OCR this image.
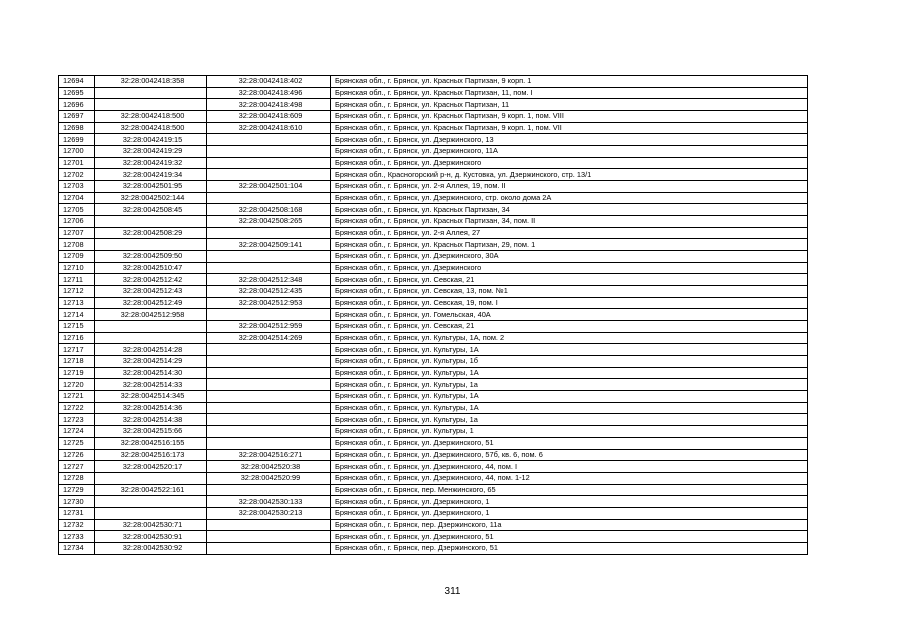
12694	32:28:0042418:358	32:28:0042418:402	Брянская обл., г. Брянск, ул. Красных Партизан, 9 корп. 1
12695		32:28:0042418:496	Брянская обл., г. Брянск, ул. Красных Партизан, 11, пом. I
12696		32:28:0042418:498	Брянская обл., г. Брянск, ул. Красных Партизан, 11
12697	32:28:0042418:500	32:28:0042418:609	Брянская обл., г. Брянск, ул. Красных Партизан, 9 корп. 1, пом. VIII
12698	32:28:0042418:500	32:28:0042418:610	Брянская обл., г. Брянск, ул. Красных Партизан, 9 корп. 1, пом. VII
12699	32:28:0042419:15		Брянская обл., г. Брянск, ул. Дзержинского, 13
12700	32:28:0042419:29		Брянская обл., г. Брянск, ул. Дзержинского, 11А
12701	32:28:0042419:32		Брянская обл., г. Брянск, ул. Дзержинского
12702	32:28:0042419:34		Брянская обл., Красногорский р-н, д. Кустовка, ул. Дзержинского, стр. 13/1
12703	32:28:0042501:95	32:28:0042501:104	Брянская обл., г. Брянск, ул. 2-я Аллея, 19, пом. II
12704	32:28:0042502:144		Брянская обл., г. Брянск, ул. Дзержинского, стр. около дома 2А
12705	32:28:0042508:45	32:28:0042508:168	Брянская обл., г. Брянск, ул. Красных Партизан, 34
12706		32:28:0042508:265	Брянская обл., г. Брянск, ул. Красных Партизан, 34, пом. II
12707	32:28:0042508:29		Брянская обл., г. Брянск, ул. 2-я Аллея, 27
12708		32:28:0042509:141	Брянская обл., г. Брянск, ул. Красных Партизан, 29, пом. 1
12709	32:28:0042509:50		Брянская обл., г. Брянск, ул. Дзержинского, 30А
12710	32:28:0042510:47		Брянская обл., г. Брянск, ул. Дзержинского
12711	32:28:0042512:42	32:28:0042512:348	Брянская обл., г. Брянск, ул. Севская, 21
12712	32:28:0042512:43	32:28:0042512:435	Брянская обл., г. Брянск, ул. Севская, 13, пом. №1
12713	32:28:0042512:49	32:28:0042512:953	Брянская обл., г. Брянск, ул. Севская, 19, пом. I
12714	32:28:0042512:958		Брянская обл., г. Брянск, ул. Гомельская, 40А
12715		32:28:0042512:959	Брянская обл., г. Брянск, ул. Севская, 21
12716		32:28:0042514:269	Брянская обл., г. Брянск, ул. Культуры, 1А, пом. 2
12717	32:28:0042514:28		Брянская обл., г. Брянск, ул. Культуры, 1А
12718	32:28:0042514:29		Брянская обл., г. Брянск, ул. Культуры, 1б
12719	32:28:0042514:30		Брянская обл., г. Брянск, ул. Культуры, 1А
12720	32:28:0042514:33		Брянская обл., г. Брянск, ул. Культуры, 1а
12721	32:28:0042514:345		Брянская обл., г. Брянск, ул. Культуры, 1А
12722	32:28:0042514:36		Брянская обл., г. Брянск, ул. Культуры, 1А
12723	32:28:0042514:38		Брянская обл., г. Брянск, ул. Культуры, 1а
12724	32:28:0042515:66		Брянская обл., г. Брянск, ул. Культуры, 1
12725	32:28:0042516:155		Брянская обл., г. Брянск, ул. Дзержинского, 51
12726	32:28:0042516:173	32:28:0042516:271	Брянская обл., г. Брянск, ул. Дзержинского, 57б, кв. 6, пом. 6
12727	32:28:0042520:17	32:28:0042520:38	Брянская обл., г. Брянск, ул. Дзержинского, 44, пом. I
12728		32:28:0042520:99	Брянская обл., г. Брянск, ул. Дзержинского, 44, пом. 1-12
12729	32:28:0042522:161		Брянская обл., г. Брянск, пер. Менжинского, 65
12730		32:28:0042530:133	Брянская обл., г. Брянск, ул. Дзержинского, 1
12731		32:28:0042530:213	Брянская обл., г. Брянск, ул. Дзержинского, 1
12732	32:28:0042530:71		Брянская обл., г. Брянск, пер. Дзержинского, 11а
12733	32:28:0042530:91		Брянская обл., г. Брянск, ул. Дзержинского, 51
12734	32:28:0042530:92		Брянская обл., г. Брянск, пер. Дзержинского, 51
311
